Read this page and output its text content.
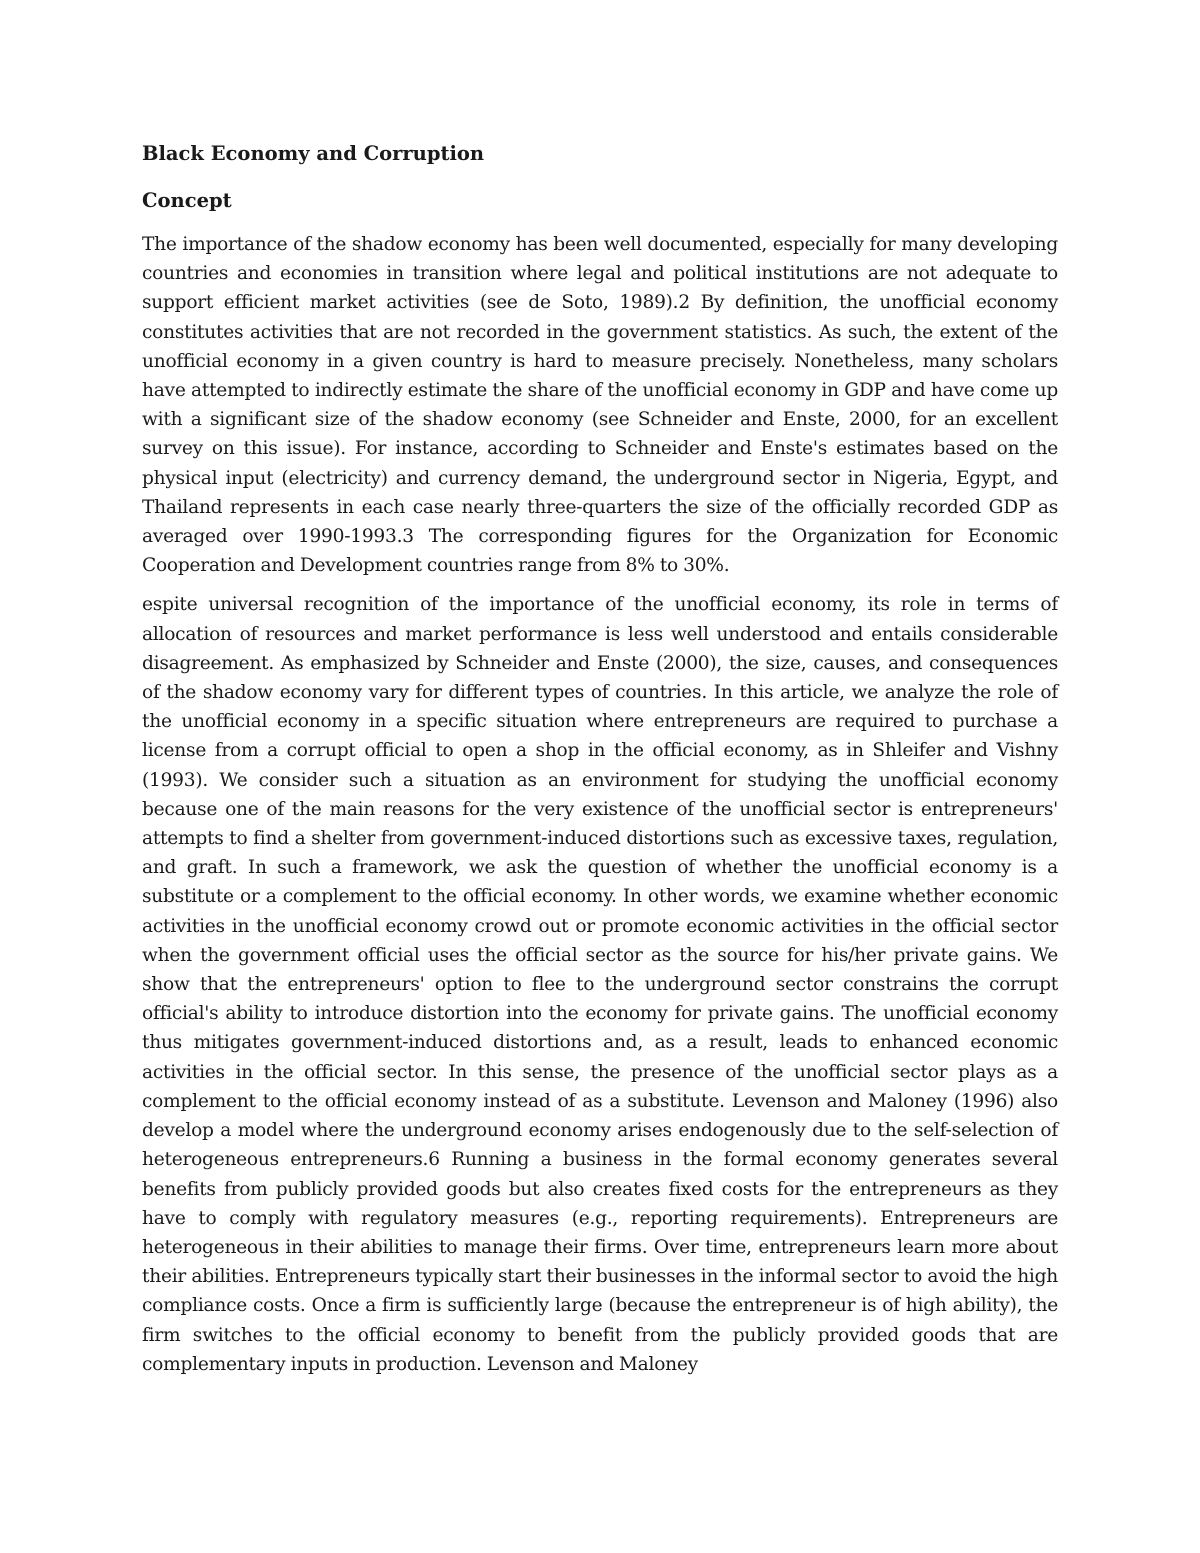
Black Economy and Corruption
Concept

The importance of the shadow economy has been well documented, especially for many developing countries and economies in transition where legal and political institutions are not adequate to support efficient market activities (see de Soto, 1989).2 By definition, the unofficial economy constitutes activities that are not recorded in the government statistics. As such, the extent of the unofficial economy in a given country is hard to measure precisely. Nonetheless, many scholars have attempted to indirectly estimate the share of the unofficial economy in GDP and have come up with a significant size of the shadow economy (see Schneider and Enste, 2000, for an excellent survey on this issue). For instance, according to Schneider and Enste's estimates based on the physical input (electricity) and currency demand, the underground sector in Nigeria, Egypt, and Thailand represents in each case nearly three-quarters the size of the officially recorded GDP as averaged over 1990-1993.3 The corresponding figures for the Organization for Economic Cooperation and Development countries range from 8% to 30%.

espite universal recognition of the importance of the unofficial economy, its role in terms of allocation of resources and market performance is less well understood and entails considerable disagreement. As emphasized by Schneider and Enste (2000), the size, causes, and consequences of the shadow economy vary for different types of countries. In this article, we analyze the role of the unofficial economy in a specific situation where entrepreneurs are required to purchase a license from a corrupt official to open a shop in the official economy, as in Shleifer and Vishny (1993). We consider such a situation as an environment for studying the unofficial economy because one of the main reasons for the very existence of the unofficial sector is entrepreneurs' attempts to find a shelter from government-induced distortions such as excessive taxes, regulation, and graft. In such a framework, we ask the question of whether the unofficial economy is a substitute or a complement to the official economy. In other words, we examine whether economic activities in the unofficial economy crowd out or promote economic activities in the official sector when the government official uses the official sector as the source for his/her private gains. We show that the entrepreneurs' option to flee to the underground sector constrains the corrupt official's ability to introduce distortion into the economy for private gains. The unofficial economy thus mitigates government-induced distortions and, as a result, leads to enhanced economic activities in the official sector. In this sense, the presence of the unofficial sector plays as a complement to the official economy instead of as a substitute. Levenson and Maloney (1996) also develop a model where the underground economy arises endogenously due to the self-selection of heterogeneous entrepreneurs.6 Running a business in the formal economy generates several benefits from publicly provided goods but also creates fixed costs for the entrepreneurs as they have to comply with regulatory measures (e.g., reporting requirements). Entrepreneurs are heterogeneous in their abilities to manage their firms. Over time, entrepreneurs learn more about their abilities. Entrepreneurs typically start their businesses in the informal sector to avoid the high compliance costs. Once a firm is sufficiently large (because the entrepreneur is of high ability), the firm switches to the official economy to benefit from the publicly provided goods that are complementary inputs in production. Levenson and Maloney
